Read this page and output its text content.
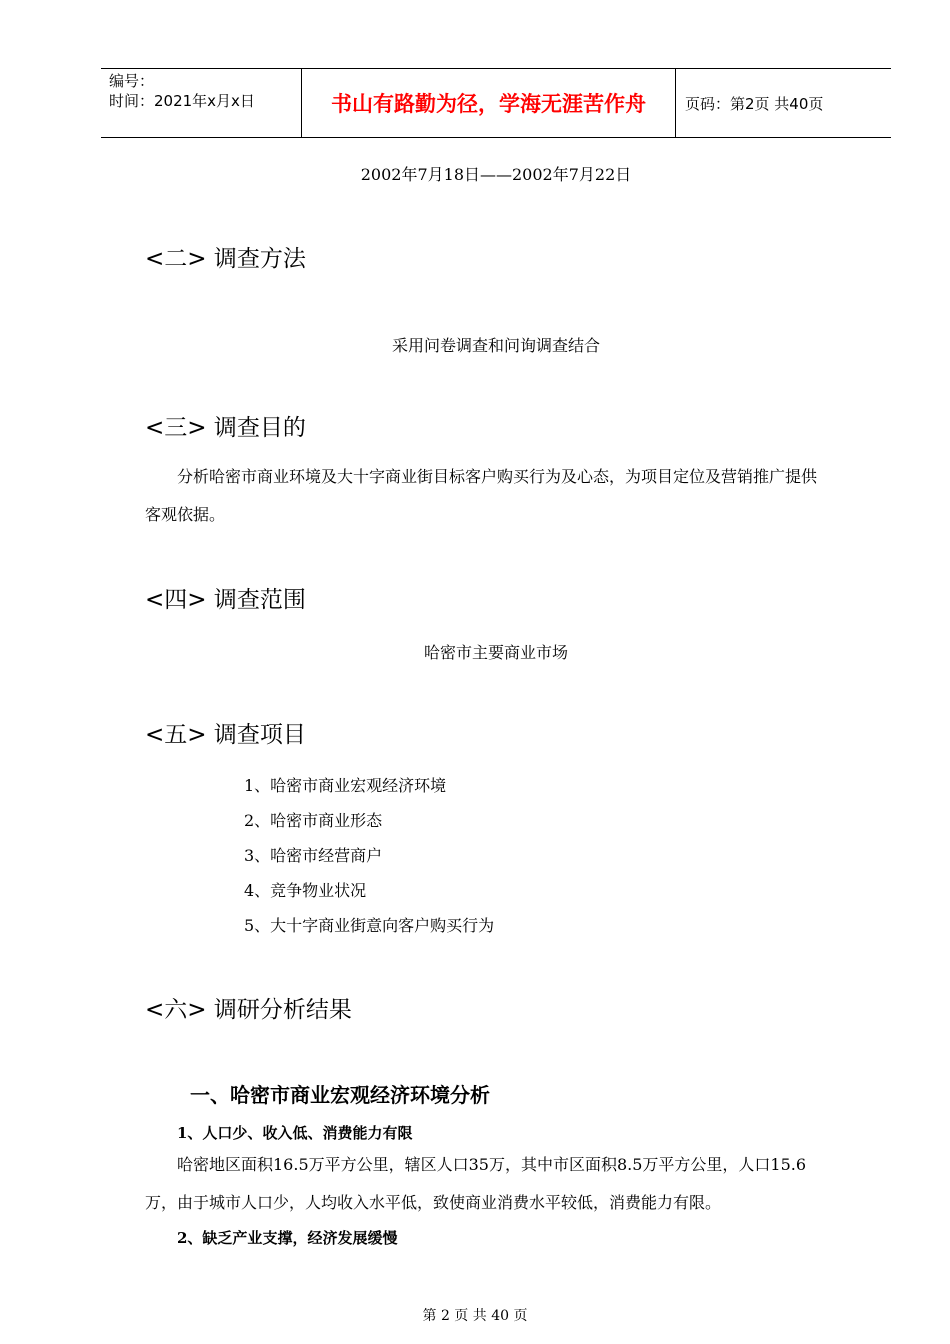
编号：
时间：2021年x月x日	书山有路勤为径，学海无涯苦作舟	页码：第2页 共40页
2002年7月18日——2002年7月22日
<二> 调查方法
采用问卷调查和问询调查结合
<三> 调查目的
分析哈密市商业环境及大十字商业街目标客户购买行为及心态，为项目定位及营销推广提供
客观依据。
<四> 调查范围
哈密市主要商业市场
<五> 调查项目
1、哈密市商业宏观经济环境
2、哈密市商业形态
3、哈密市经营商户
4、竞争物业状况
5、大十字商业街意向客户购买行为
<六> 调研分析结果
一、哈密市商业宏观经济环境分析
1、人口少、收入低、消费能力有限
哈密地区面积16.5万平方公里，辖区人口35万，其中市区面积8.5万平方公里，人口15.6
万，由于城市人口少，人均收入水平低，致使商业消费水平较低，消费能力有限。
2、缺乏产业支撑，经济发展缓慢
第 2 页 共 40 页
